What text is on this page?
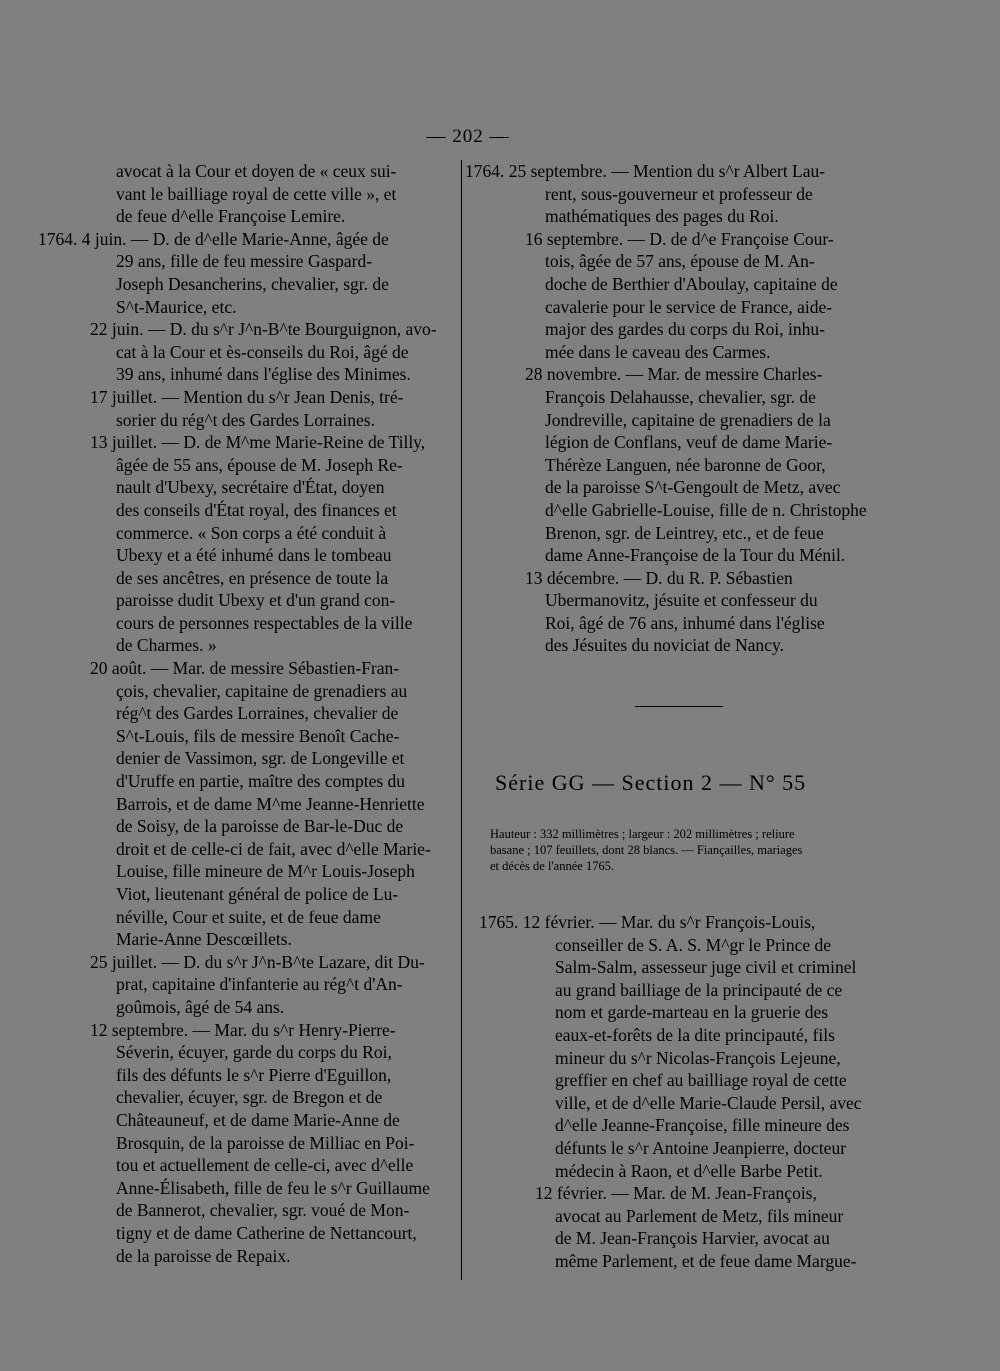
— 202 —
avocat à la Cour et doyen de « ceux sui-
vant le bailliage royal de cette ville », et
de feue d^elle Françoise Lemire.
1764. 4 juin. — D. de d^elle Marie-Anne, âgée de
29 ans, fille de feu messire Gaspard-
Joseph Desancherins, chevalier, sgr. de
S^t-Maurice, etc.
22 juin. — D. du s^r J^n-B^te Bourguignon, avo-
cat à la Cour et ès-conseils du Roi, âgé de
39 ans, inhumé dans l'église des Minimes.
17 juillet. — Mention du s^r Jean Denis, tré-
sorier du rég^t des Gardes Lorraines.
13 juillet. — D. de M^me Marie-Reine de Tilly,
âgée de 55 ans, épouse de M. Joseph Re-
nault d'Ubexy, secrétaire d'État, doyen
des conseils d'État royal, des finances et
commerce. « Son corps a été conduit à
Ubexy et a été inhumé dans le tombeau
de ses ancêtres, en présence de toute la
paroisse dudit Ubexy et d'un grand con-
cours de personnes respectables de la ville
de Charmes. »
20 août. — Mar. de messire Sébastien-Fran-
çois, chevalier, capitaine de grenadiers au
rég^t des Gardes Lorraines, chevalier de
S^t-Louis, fils de messire Benoît Cache-
denier de Vassimon, sgr. de Longeville et
d'Uruffe en partie, maître des comptes du
Barrois, et de dame M^me Jeanne-Henriette
de Soisy, de la paroisse de Bar-le-Duc de
droit et de celle-ci de fait, avec d^elle Marie-
Louise, fille mineure de M^r Louis-Joseph
Viot, lieutenant général de police de Lu-
néville, Cour et suite, et de feue dame
Marie-Anne Descœillets.
25 juillet. — D. du s^r J^n-B^te Lazare, dit Du-
prat, capitaine d'infanterie au rég^t d'An-
goûmois, âgé de 54 ans.
12 septembre. — Mar. du s^r Henry-Pierre-
Séverin, écuyer, garde du corps du Roi,
fils des défunts le s^r Pierre d'Eguillon,
chevalier, écuyer, sgr. de Bregon et de
Châteauneuf, et de dame Marie-Anne de
Brosquin, de la paroisse de Milliac en Poi-
tou et actuellement de celle-ci, avec d^elle
Anne-Élisabeth, fille de feu le s^r Guillaume
de Bannerot, chevalier, sgr. voué de Mon-
tigny et de dame Catherine de Nettancourt,
de la paroisse de Repaix.
1764. 25 septembre. — Mention du s^r Albert Lau-
rent, sous-gouverneur et professeur de
mathématiques des pages du Roi.
16 septembre. — D. de d^e Françoise Cour-
tois, âgée de 57 ans, épouse de M. An-
doche de Berthier d'Aboulay, capitaine de
cavalerie pour le service de France, aide-
major des gardes du corps du Roi, inhu-
mée dans le caveau des Carmes.
28 novembre. — Mar. de messire Charles-
François Delahausse, chevalier, sgr. de
Jondreville, capitaine de grenadiers de la
légion de Conflans, veuf de dame Marie-
Thérèze Languen, née baronne de Goor,
de la paroisse S^t-Gengoult de Metz, avec
d^elle Gabrielle-Louise, fille de n. Christophe
Brenon, sgr. de Leintrey, etc., et de feue
dame Anne-Françoise de la Tour du Ménil.
13 décembre. — D. du R. P. Sébastien
Ubermanovitz, jésuite et confesseur du
Roi, âgé de 76 ans, inhumé dans l'église
des Jésuites du noviciat de Nancy.
Série GG — Section 2 — N° 55
Hauteur : 332 millimètres ; largeur : 202 millimètres ; reliure
basane ; 107 feuillets, dont 28 blancs. — Fiançailles, mariages
et décès de l'année 1765.
1765. 12 février. — Mar. du s^r François-Louis,
conseiller de S. A. S. M^gr le Prince de
Salm-Salm, assesseur juge civil et criminel
au grand bailliage de la principauté de ce
nom et garde-marteau en la gruerie des
eaux-et-forêts de la dite principauté, fils
mineur du s^r Nicolas-François Lejeune,
greffier en chef au bailliage royal de cette
ville, et de d^elle Marie-Claude Persil, avec
d^elle Jeanne-Françoise, fille mineure des
défunts le s^r Antoine Jeanpierre, docteur
médecin à Raon, et d^elle Barbe Petit.
12 février. — Mar. de M. Jean-François,
avocat au Parlement de Metz, fils mineur
de M. Jean-François Harvier, avocat au
même Parlement, et de feue dame Margue-
